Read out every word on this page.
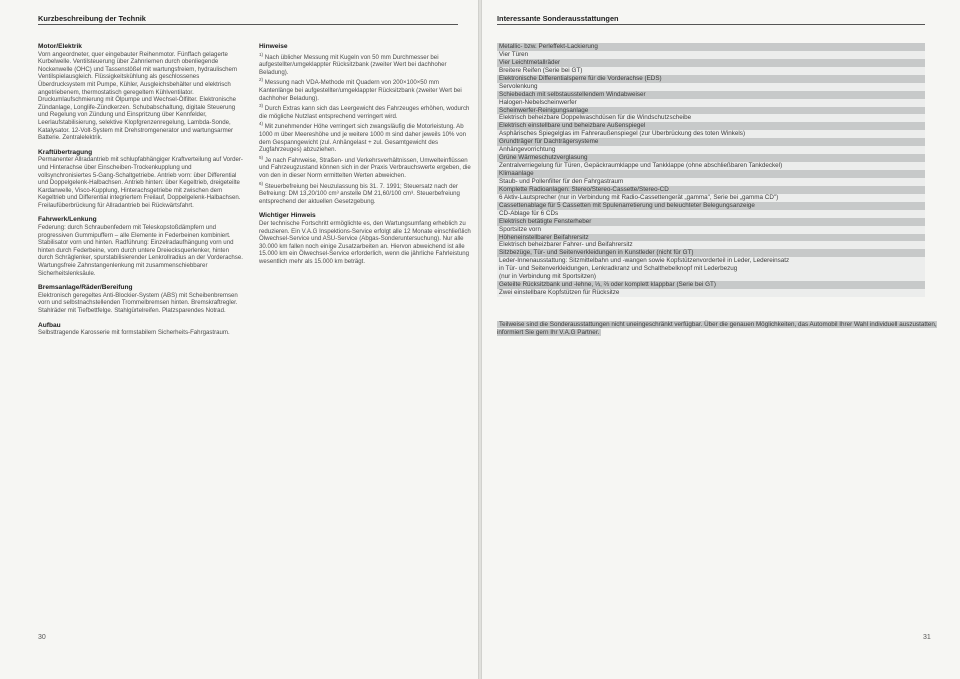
Kurzbeschreibung der Technik
Motor/Elektrik

Vorn angeordneter, quer eingebauter Reihenmotor. Fünffach gelagerte Kurbelwelle. Ventilsteuerung über Zahnriemen durch obenliegende Nockenwelle (OHC) und Tassenstößel mit wartungsfreiem, hydraulischem Ventilspielausgleich. Flüssigkeitskühlung als geschlossenes Überdrucksystem mit Pumpe, Kühler, Ausgleichsbehälter und elektrisch angetriebenem, thermostatisch geregeltem Kühlventilator. Druckumlaufschmierung mit Ölpumpe und Wechsel-Ölfilter. Elektronische Zündanlage, Longlife-Zündkerzen. Schubabschaltung, digitale Steuerung und Regelung von Zündung und Einspritzung über Kennfelder, Leerlaufstabilisierung, selektive Klopfgrenzenregelung, Lambda-Sonde, Katalysator. 12-Volt-System mit Drehstromgenerator und wartungsarmer Batterie. Zentralelektrik.

Kraftübertragung

Permanenter Allradantrieb mit schlupfabhängiger Kraftverteilung auf Vorder- und Hinterachse über Einscheiben-Trockenkupplung und vollsynchronisiertes 5-Gang-Schaltgetriebe. Antrieb vorn: über Differential und Doppelgelenk-Halbachsen. Antrieb hinten: über Kegeltrieb, dreigeteilte Kardanwelle, Visco-Kupplung, Hinterachsgetriebe mit zwischen dem Kegeltrieb und Differential integriertem Freilauf, Doppelgelenk-Halbachsen. Freilaufüberbrückung für Allradantrieb bei Rückwärtsfahrt.

Fahrwerk/Lenkung

Federung: durch Schraubenfedern mit Teleskopstoßdämpfern und progressiven Gummipuffern – alle Elemente in Federbeinen kombiniert. Stabilisator vorn und hinten. Radführung: Einzelradaufhängung vorn und hinten durch Federbeine, vorn durch untere Dreiecksquerlenker, hinten durch Schräglenker, spurstabilisierender Lenkrollradius an der Vorderachse. Wartungsfreie Zahnstangenlenkung mit zusammenschiebbarer Sicherheitslenksäule.

Bremsanlage/Räder/Bereifung

Elektronisch geregeltes Anti-Blockier-System (ABS) mit Scheibenbremsen vorn und selbstnachstellenden Trommelbremsen hinten. Bremskraftregler. Stahlräder mit Tiefbettfelge. Stahlgürtelreifen. Platzsparendes Notrad.

Aufbau

Selbsttragende Karosserie mit formstabilem Sicherheits-Fahrgastraum.

Hinweise

$^{1)}$ Nach üblicher Messung mit Kugeln von 50 mm Durchmesser bei aufgestellter/umgeklappter Rücksitzbank (zweiter Wert bei dachhoher Beladung).

$^{2)}$ Messung nach VDA-Methode mit Quadern von 200×100×50 mm Kantenlänge bei aufgestellter/umgeklappter Rücksitzbank (zweiter Wert bei dachhoher Beladung).

$^{3)}$ Durch Extras kann sich das Leergewicht des Fahrzeuges erhöhen, wodurch die mögliche Nutzlast entsprechend verringert wird.

$^{4)}$ Mit zunehmender Höhe verringert sich zwangsläufig die Motorleistung. Ab 1000 m über Meereshöhe und je weitere 1000 m sind daher jeweils 10% von dem Gespanngewicht (zul. Anhängelast + zul. Gesamtgewicht des Zugfahrzeuges) abzuziehen.

$^{5)}$ Je nach Fahrweise, Straßen- und Verkehrsverhältnissen, Umwelteinflüssen und Fahrzeugzustand können sich in der Praxis Verbrauchswerte ergeben, die von den in dieser Norm ermittelten Werten abweichen.

$^{6)}$ Steuerbefreiung bei Neuzulassung bis 31. 7. 1991; Steuersatz nach der Befreiung: DM 13,20/100 cm³ anstelle DM 21,60/100 cm³. Steuerbefreiung entsprechend der aktuellen Gesetzgebung.

Wichtiger Hinweis

Der technische Fortschritt ermöglichte es, den Wartungsumfang erheblich zu reduzieren. Ein V.A.G Inspektions-Service erfolgt alle 12 Monate einschließlich Ölwechsel-Service und ASU-Service (Abgas-Sonderuntersuchung). Nur alle 30.000 km fallen noch einige Zusatzarbeiten an. Hiervon abweichend ist alle 15.000 km ein Ölwechsel-Service erforderlich, wenn die jährliche Fahrleistung wesentlich mehr als 15.000 km beträgt.

30
Interessante Sonderausstattungen
31
Metallic- bzw. Perleffekt-Lackierung
Vier Türen
Vier Leichtmetallräder
Breitere Reifen (Serie bei GT)
Elektronische Differentialsperre für die Vorderachse (EDS)
Servolenkung
Schiebedach mit selbstausstellendem Windabweiser
Halogen-Nebelscheinwerfer
Scheinwerfer-Reinigungsanlage
Elektrisch beheizbare Doppelwaschdüsen für die Windschutzscheibe
Elektrisch einstellbare und beheizbare Außenspiegel
Asphärisches Spiegelglas im Fahreraußenspiegel (zur Überbrückung des toten Winkels)
Grundträger für Dachträgersysteme
Anhängevorrichtung
Grüne Wärmeschutzverglasung
Zentralverriegelung für Türen, Gepäckraumklappe und Tankklappe (ohne abschließbaren Tankdeckel)
Klimaanlage
Staub- und Pollenfilter für den Fahrgastraum
Komplette Radioanlagen: Stereo/Stereo-Cassette/Stereo-CD
6 Aktiv-Lautsprecher (nur in Verbindung mit Radio-Cassettengerät „gamma", Serie bei „gamma CD")
Cassettenablage für 5 Cassetten mit Spulenarretierung und beleuchteter Belegungsanzeige
CD-Ablage für 6 CDs
Elektrisch betätigte Fensterheber
Sportsitze vorn
Höheneinstellbarer Beifahrersitz
Elektrisch beheizbarer Fahrer- und Beifahrersitz
Sitzbezüge, Tür- und Seitenverkleidungen in Kunstleder (nicht für GT)
Leder-Innenausstattung: Sitzmittelbahn und -wangen sowie Kopfstützenvorderteil in Leder, Ledereinsatz
in Tür- und Seitenverkleidungen, Lenkradkranz und Schalthebelknopf mit Lederbezug
(nur in Verbindung mit Sportsitzen)
Geteilte Rücksitzbank und -lehne, ⅓, ⅔ oder komplett klappbar (Serie bei GT)
Zwei einstellbare Kopfstützen für Rücksitze
Teilweise sind die Sonderausstattungen nicht uneingeschränkt verfügbar. Über die genauen Möglichkeiten, das Automobil Ihrer Wahl individuell auszustatten, informiert Sie gern Ihr V.A.G Partner.
